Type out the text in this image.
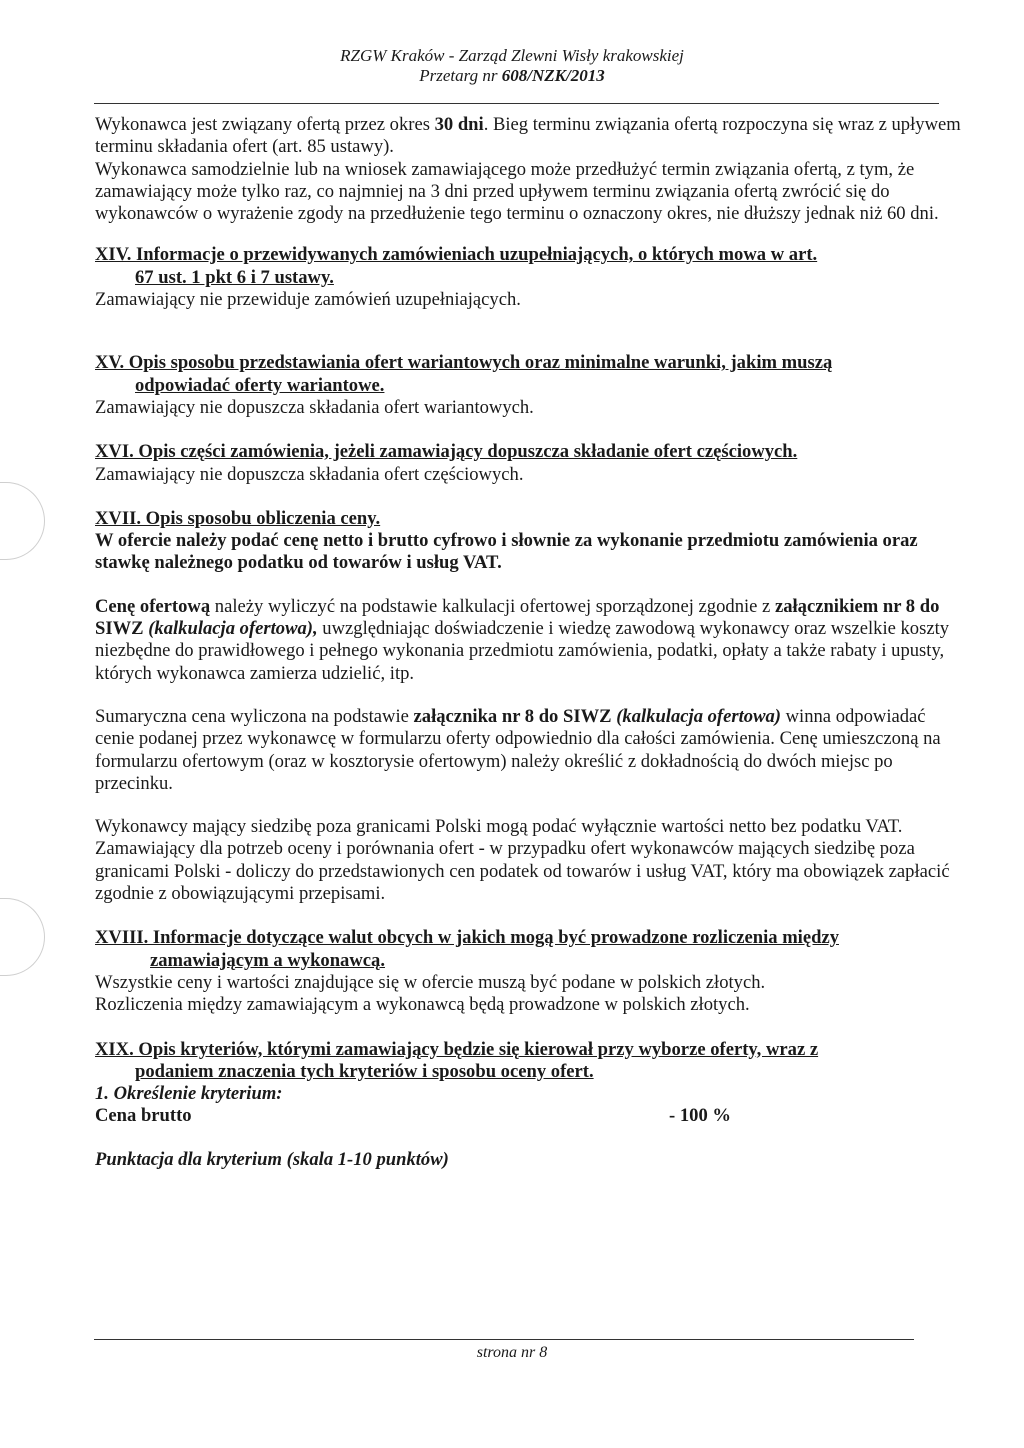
RZGW Kraków - Zarząd Zlewni Wisły krakowskiej
Przetarg nr 608/NZK/2013

Wykonawca jest związany ofertą przez okres 30 dni. Bieg terminu związania ofertą rozpoczyna się wraz z upływem terminu składania ofert (art. 85 ustawy).

Wykonawca samodzielnie lub na wniosek zamawiającego może przedłużyć termin związania ofertą, z tym, że zamawiający może tylko raz, co najmniej na 3 dni przed upływem terminu związania ofertą zwrócić się do wykonawców o wyrażenie zgody na przedłużenie tego terminu o oznaczony okres, nie dłuższy jednak niż 60 dni.

XIV. Informacje o przewidywanych zamówieniach uzupełniających, o których mowa w art.
67 ust. 1 pkt 6 i 7 ustawy.

Zamawiający nie przewiduje zamówień uzupełniających.

XV. Opis sposobu przedstawiania ofert wariantowych oraz minimalne warunki, jakim muszą
odpowiadać oferty wariantowe.

Zamawiający nie dopuszcza składania ofert wariantowych.

XVI. Opis części zamówienia, jeżeli zamawiający dopuszcza składanie ofert częściowych.

Zamawiający nie dopuszcza składania ofert częściowych.

XVII. Opis sposobu obliczenia ceny.

W ofercie należy podać cenę netto i brutto cyfrowo i słownie za wykonanie przedmiotu zamówienia oraz stawkę należnego podatku od towarów i usług VAT.

Cenę ofertową należy wyliczyć na podstawie kalkulacji ofertowej sporządzonej zgodnie z załącznikiem nr 8 do SIWZ (kalkulacja ofertowa), uwzględniając doświadczenie i wiedzę zawodową wykonawcy oraz wszelkie koszty niezbędne do prawidłowego i pełnego wykonania przedmiotu zamówienia, podatki, opłaty a także rabaty i upusty, których wykonawca zamierza udzielić, itp.

Sumaryczna cena wyliczona na podstawie załącznika nr 8 do SIWZ (kalkulacja ofertowa) winna odpowiadać cenie podanej przez wykonawcę w formularzu oferty odpowiednio dla całości zamówienia. Cenę umieszczoną na formularzu ofertowym (oraz w kosztorysie ofertowym) należy określić z dokładnością do dwóch miejsc po przecinku.

Wykonawcy mający siedzibę poza granicami Polski mogą podać wyłącznie wartości netto bez podatku VAT. Zamawiający dla potrzeb oceny i porównania ofert - w przypadku ofert wykonawców mających siedzibę poza granicami Polski - doliczy do przedstawionych cen podatek od towarów i usług VAT, który ma obowiązek zapłacić zgodnie z obowiązującymi przepisami.

XVIII. Informacje dotyczące walut obcych w jakich mogą być prowadzone rozliczenia między
zamawiającym a wykonawcą.

Wszystkie ceny i wartości znajdujące się w ofercie muszą być podane w polskich złotych.

Rozliczenia między zamawiającym a wykonawcą będą prowadzone w polskich złotych.

XIX. Opis kryteriów, którymi zamawiający będzie się kierował przy wyborze oferty, wraz z
podaniem znaczenia tych kryteriów i sposobu oceny ofert.

1. Określenie kryterium:

Cena brutto	- 100 %

Punktacja dla kryterium (skala 1-10 punktów)

strona nr 8
